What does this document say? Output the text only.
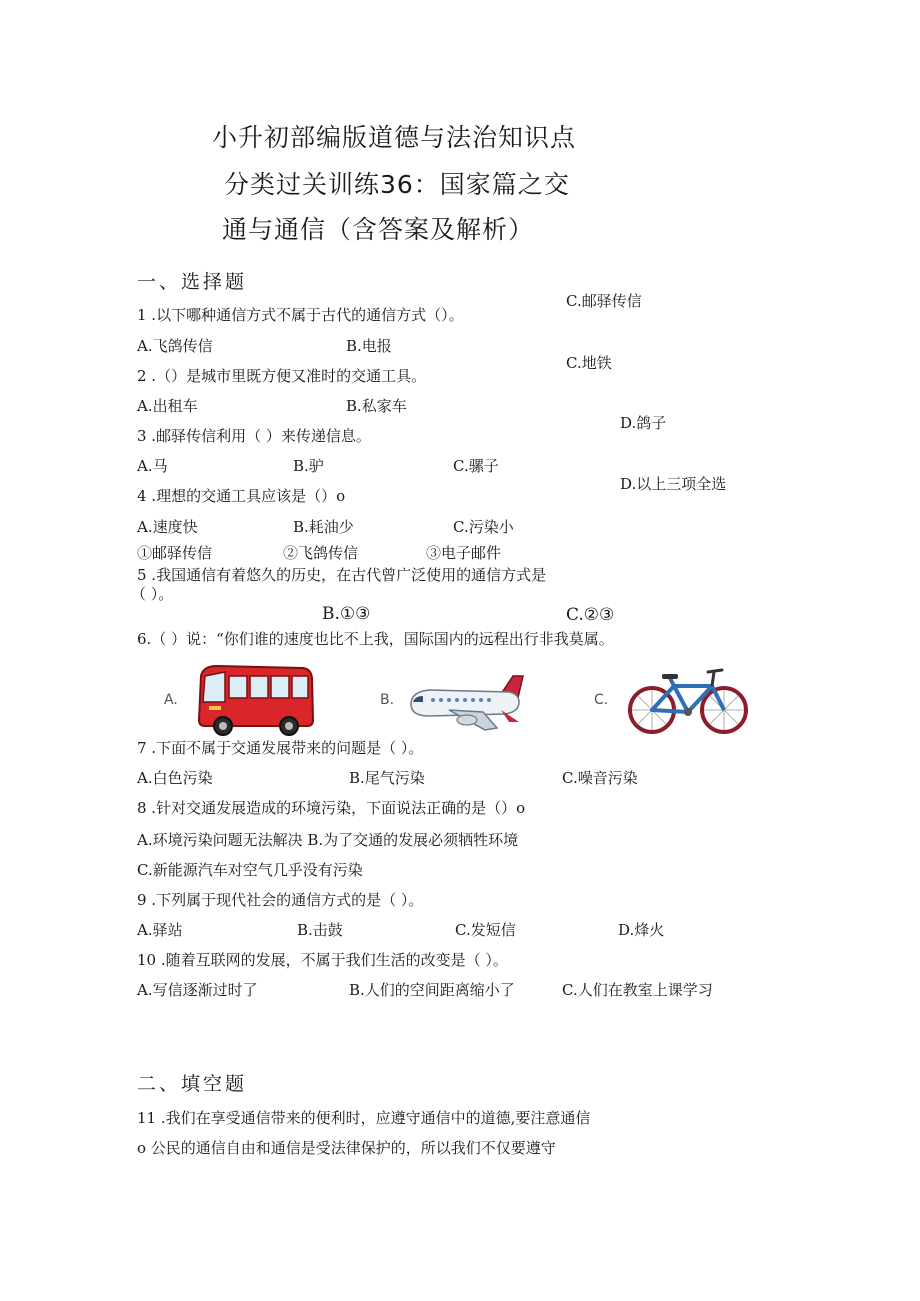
小升初部编版道德与法治知识点
分类过关训练36：国家篇之交
通与通信（含答案及解析）
一、选择题
C.邮驿传信
1 .以下哪种通信方式不属于古代的通信方式（）。
A.飞鸽传信	B.电报
C.地铁
2 .（）是城市里既方便又准时的交通工具。
A.出租车	B.私家车
D.鸽子
3 .邮驿传信利用（ ）来传递信息。
A.马	B.驴	C.骡子
D.以上三项全选
4 .理想的交通工具应该是（）o
A.速度快	B.耗油少	C.污染小
①邮驿传信	②飞鸽传信	③电子邮件
5 .我国通信有着悠久的历史，在古代曾广泛使用的通信方式是
（ ）。
B.①③	C.②③
6.（ ）说：“你们谁的速度也比不上我，国际国内的远程出行非我莫属。
A.	B.	C.
7 .下面不属于交通发展带来的问题是（ ）。
A.白色污染	B.尾气污染	C.噪音污染
8 .针对交通发展造成的环境污染，下面说法正确的是（）o
A.环境污染问题无法解决 B.为了交通的发展必须牺牲环境
C.新能源汽车对空气几乎没有污染
9 .下列属于现代社会的通信方式的是（ ）。
A.驿站	B.击鼓	C.发短信	D.烽火
10 .随着互联网的发展，不属于我们生活的改变是（ ）。
A.写信逐渐过时了	B.人们的空间距离缩小了	C.人们在教室上课学习
二、填空题
11 .我们在享受通信带来的便利时，应遵守通信中的道德,要注意通信
o 公民的通信自由和通信是受法律保护的，所以我们不仅要遵守
